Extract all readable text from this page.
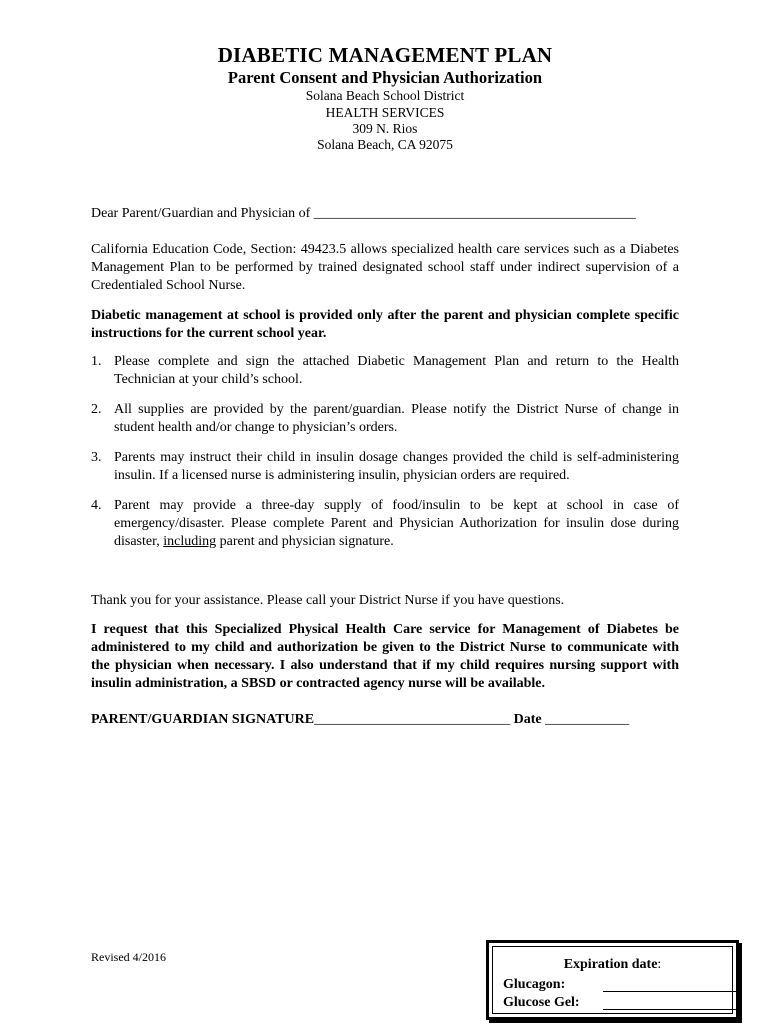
DIABETIC MANAGEMENT PLAN
Parent Consent and Physician Authorization
Solana Beach School District
HEALTH SERVICES
309 N. Rios
Solana Beach, CA 92075
Dear Parent/Guardian and Physician of ______________________________________________
California Education Code, Section: 49423.5 allows specialized health care services such as a Diabetes Management Plan to be performed by trained designated school staff under indirect supervision of a Credentialed School Nurse.
Diabetic management at school is provided only after the parent and physician complete specific instructions for the current school year.
1. Please complete and sign the attached Diabetic Management Plan and return to the Health Technician at your child’s school.
2. All supplies are provided by the parent/guardian. Please notify the District Nurse of change in student health and/or change to physician’s orders.
3. Parents may instruct their child in insulin dosage changes provided the child is self-administering insulin. If a licensed nurse is administering insulin, physician orders are required.
4. Parent may provide a three-day supply of food/insulin to be kept at school in case of emergency/disaster. Please complete Parent and Physician Authorization for insulin dose during disaster, including parent and physician signature.
Thank you for your assistance. Please call your District Nurse if you have questions.
I request that this Specialized Physical Health Care service for Management of Diabetes be administered to my child and authorization be given to the District Nurse to communicate with the physician when necessary. I also understand that if my child requires nursing support with insulin administration, a SBSD or contracted agency nurse will be available.
PARENT/GUARDIAN SIGNATURE____________________________ Date ____________
Revised 4/2016	Expiration date:
Glucagon:
Glucose Gel:
